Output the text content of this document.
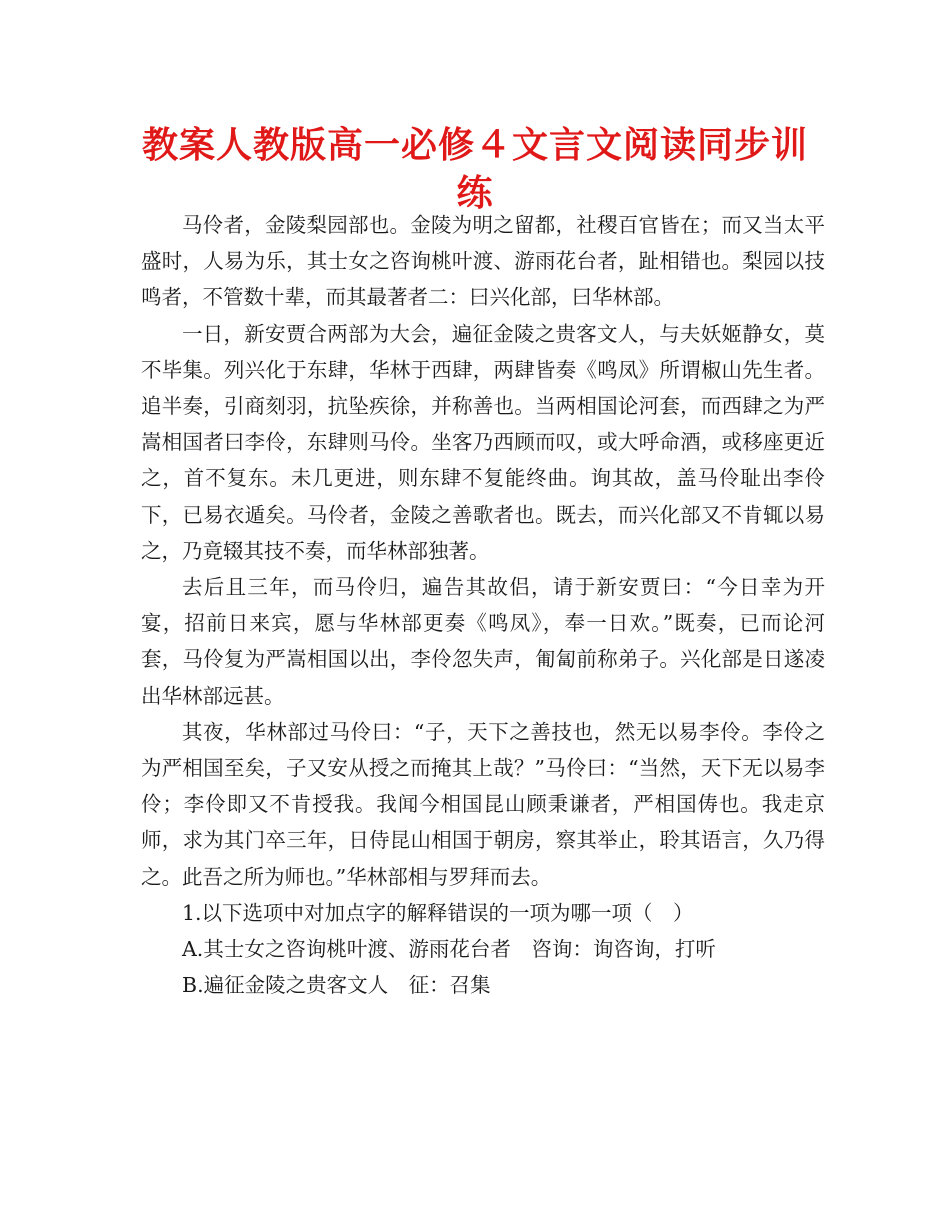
教案人教版高一必修４文言文阅读同步训练

马伶者，金陵梨园部也。金陵为明之留都，社稷百官皆在；而又当太平盛时，人易为乐，其士女之咨询桃叶渡、游雨花台者，趾相错也。梨园以技鸣者，不管数十辈，而其最著者二：曰兴化部，曰华林部。

一日，新安贾合两部为大会，遍征金陵之贵客文人，与夫妖姬静女，莫不毕集。列兴化于东肆，华林于西肆，两肆皆奏《鸣凤》所谓椒山先生者。追半奏，引商刻羽，抗坠疾徐，并称善也。当两相国论河套，而西肆之为严嵩相国者曰李伶，东肆则马伶。坐客乃西顾而叹，或大呼命酒，或移座更近之，首不复东。未几更进，则东肆不复能终曲。询其故，盖马伶耻出李伶下，已易衣遁矣。马伶者，金陵之善歌者也。既去，而兴化部又不肯辄以易之，乃竟辍其技不奏，而华林部独著。

去后且三年，而马伶归，遍告其故侣，请于新安贾曰：“今日幸为开宴，招前日来宾，愿与华林部更奏《鸣凤》，奉一日欢。”既奏，已而论河套，马伶复为严嵩相国以出，李伶忽失声，匍匐前称弟子。兴化部是日遂凌出华林部远甚。

其夜，华林部过马伶曰：“子，天下之善技也，然无以易李伶。李伶之为严相国至矣，子又安从授之而掩其上哉？”马伶曰：“当然，天下无以易李伶；李伶即又不肯授我。我闻今相国昆山顾秉谦者，严相国俦也。我走京师，求为其门卒三年，日侍昆山相国于朝房，察其举止，聆其语言，久乃得之。此吾之所为师也。”华林部相与罗拜而去。

1.以下选项中对加点字的解释错误的一项为哪一项（　）

A.其士女之咨询桃叶渡、游雨花台者　咨询：询咨询，打听

B.遍征金陵之贵客文人　征：召集
